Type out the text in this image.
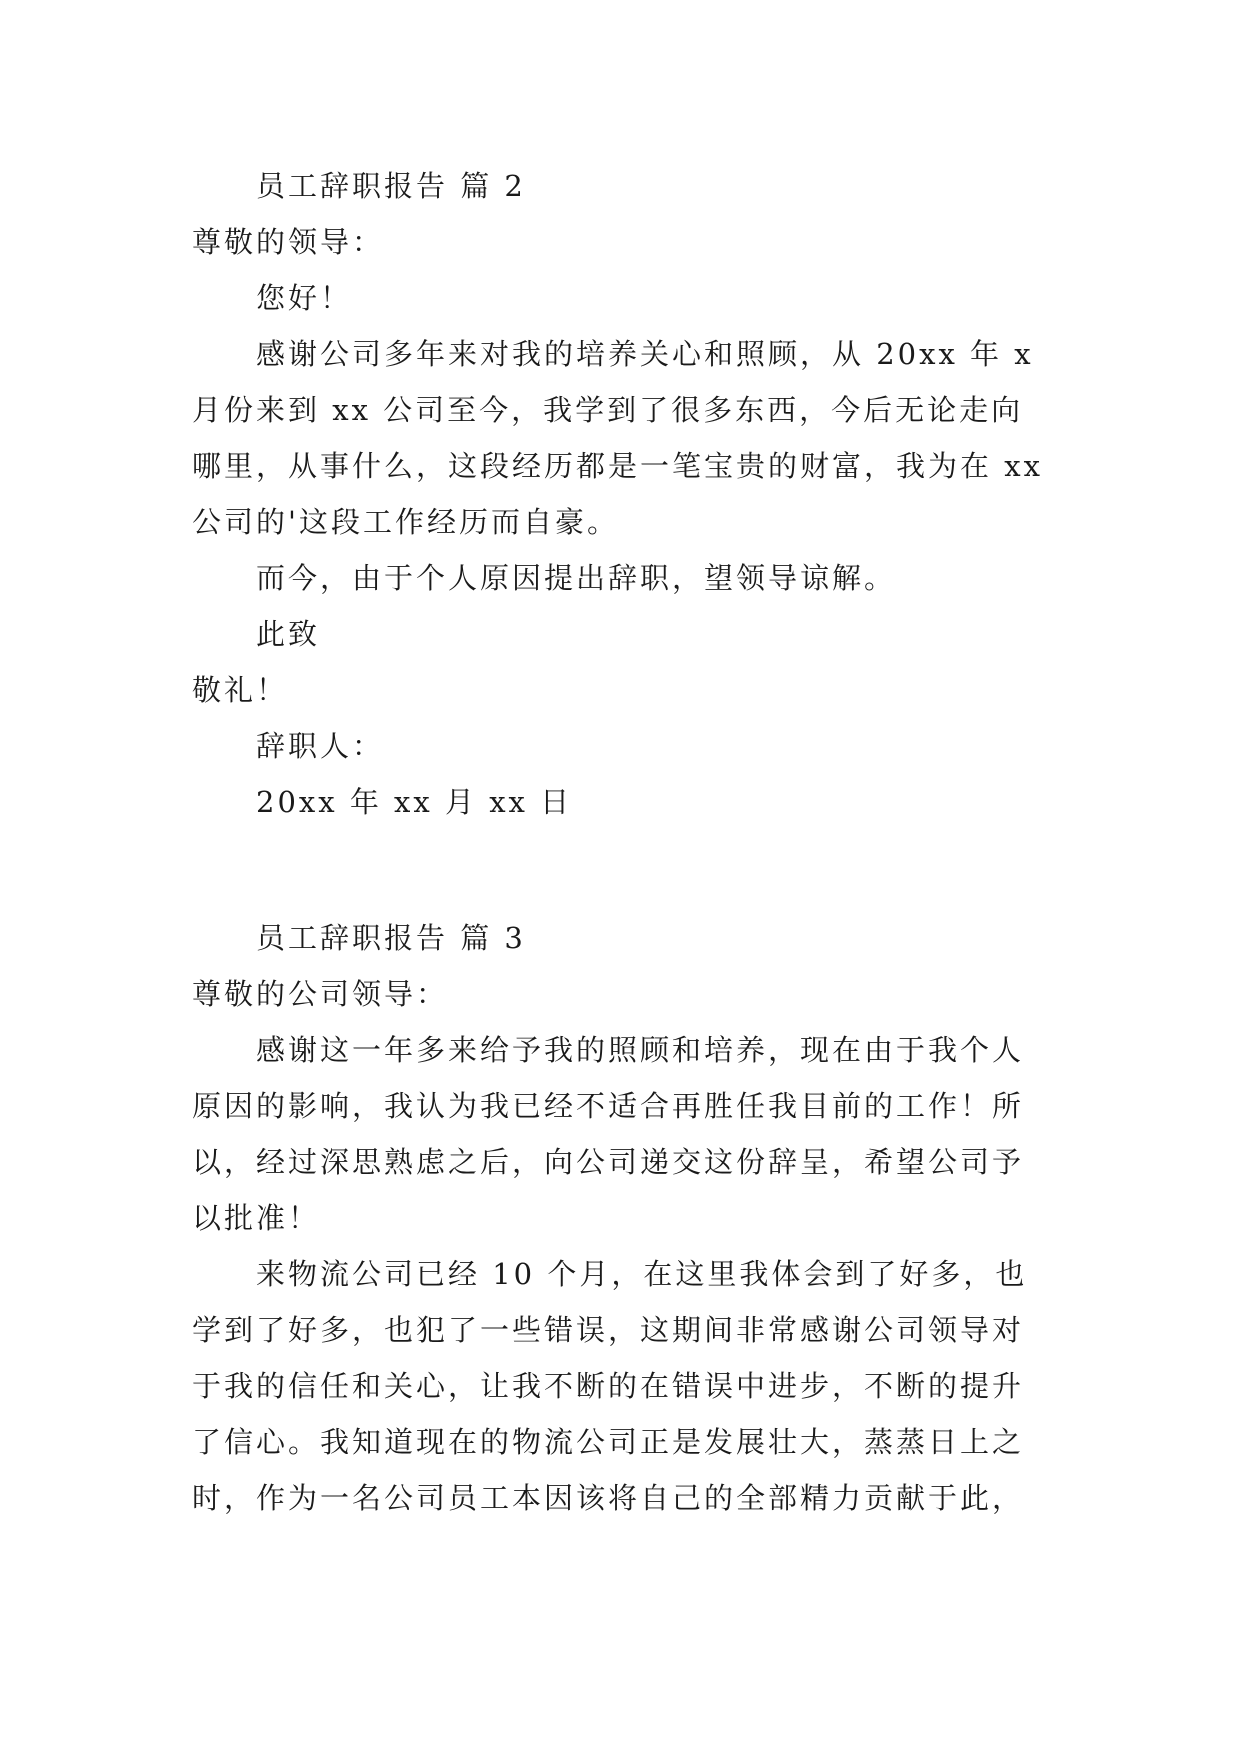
员工辞职报告 篇 2
尊敬的领导：
您好！
感谢公司多年来对我的培养关心和照顾，从 20xx 年 x
月份来到 xx 公司至今，我学到了很多东西，今后无论走向
哪里，从事什么，这段经历都是一笔宝贵的财富，我为在 xx
公司的'这段工作经历而自豪。
而今，由于个人原因提出辞职，望领导谅解。
此致
敬礼！
辞职人：
20xx 年 xx 月 xx 日
员工辞职报告 篇 3
尊敬的公司领导：
感谢这一年多来给予我的照顾和培养，现在由于我个人
原因的影响，我认为我已经不适合再胜任我目前的工作！所
以，经过深思熟虑之后，向公司递交这份辞呈，希望公司予
以批准！
来物流公司已经 10 个月，在这里我体会到了好多，也
学到了好多，也犯了一些错误，这期间非常感谢公司领导对
于我的信任和关心，让我不断的在错误中进步，不断的提升
了信心。我知道现在的物流公司正是发展壮大，蒸蒸日上之
时，作为一名公司员工本因该将自己的全部精力贡献于此，
